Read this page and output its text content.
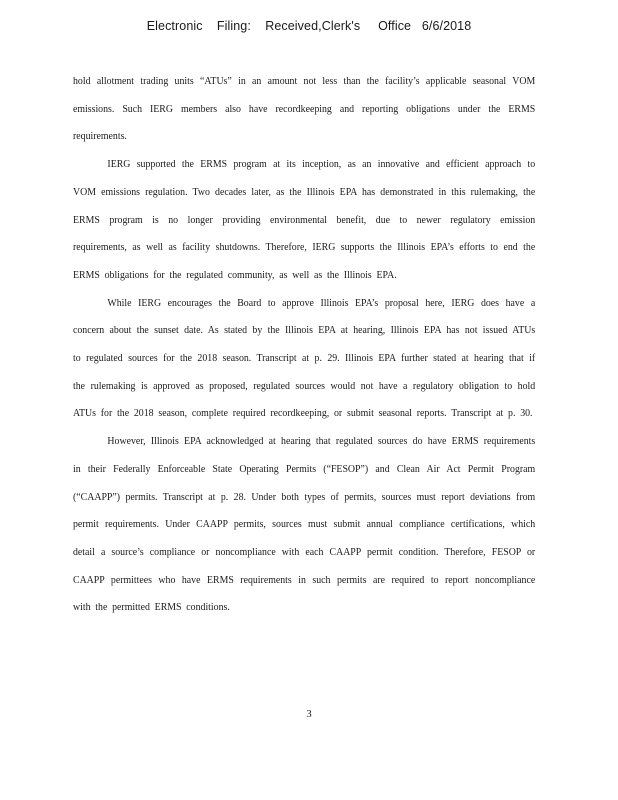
Electronic    Filing:    Received,Clerk's     Office   6/6/2018

hold allotment trading units “ATUs” in an amount not less than the facility’s applicable seasonal VOM emissions. Such IERG members also have recordkeeping and reporting obligations under the ERMS requirements.

IERG supported the ERMS program at its inception, as an innovative and efficient approach to VOM emissions regulation. Two decades later, as the Illinois EPA has demonstrated in this rulemaking, the ERMS program is no longer providing environmental benefit, due to newer regulatory emission requirements, as well as facility shutdowns. Therefore, IERG supports the Illinois EPA’s efforts to end the ERMS obligations for the regulated community, as well as the Illinois EPA.

While IERG encourages the Board to approve Illinois EPA’s proposal here, IERG does have a concern about the sunset date. As stated by the Illinois EPA at hearing, Illinois EPA has not issued ATUs to regulated sources for the 2018 season. Transcript at p. 29. Illinois EPA further stated at hearing that if the rulemaking is approved as proposed, regulated sources would not have a regulatory obligation to hold ATUs for the 2018 season, complete required recordkeeping, or submit seasonal reports. Transcript at p. 30.

However, Illinois EPA acknowledged at hearing that regulated sources do have ERMS requirements in their Federally Enforceable State Operating Permits (“FESOP”) and Clean Air Act Permit Program (“CAAPP”) permits. Transcript at p. 28. Under both types of permits, sources must report deviations from permit requirements. Under CAAPP permits, sources must submit annual compliance certifications, which detail a source’s compliance or noncompliance with each CAAPP permit condition. Therefore, FESOP or CAAPP permittees who have ERMS requirements in such permits are required to report noncompliance with the permitted ERMS conditions.

3
